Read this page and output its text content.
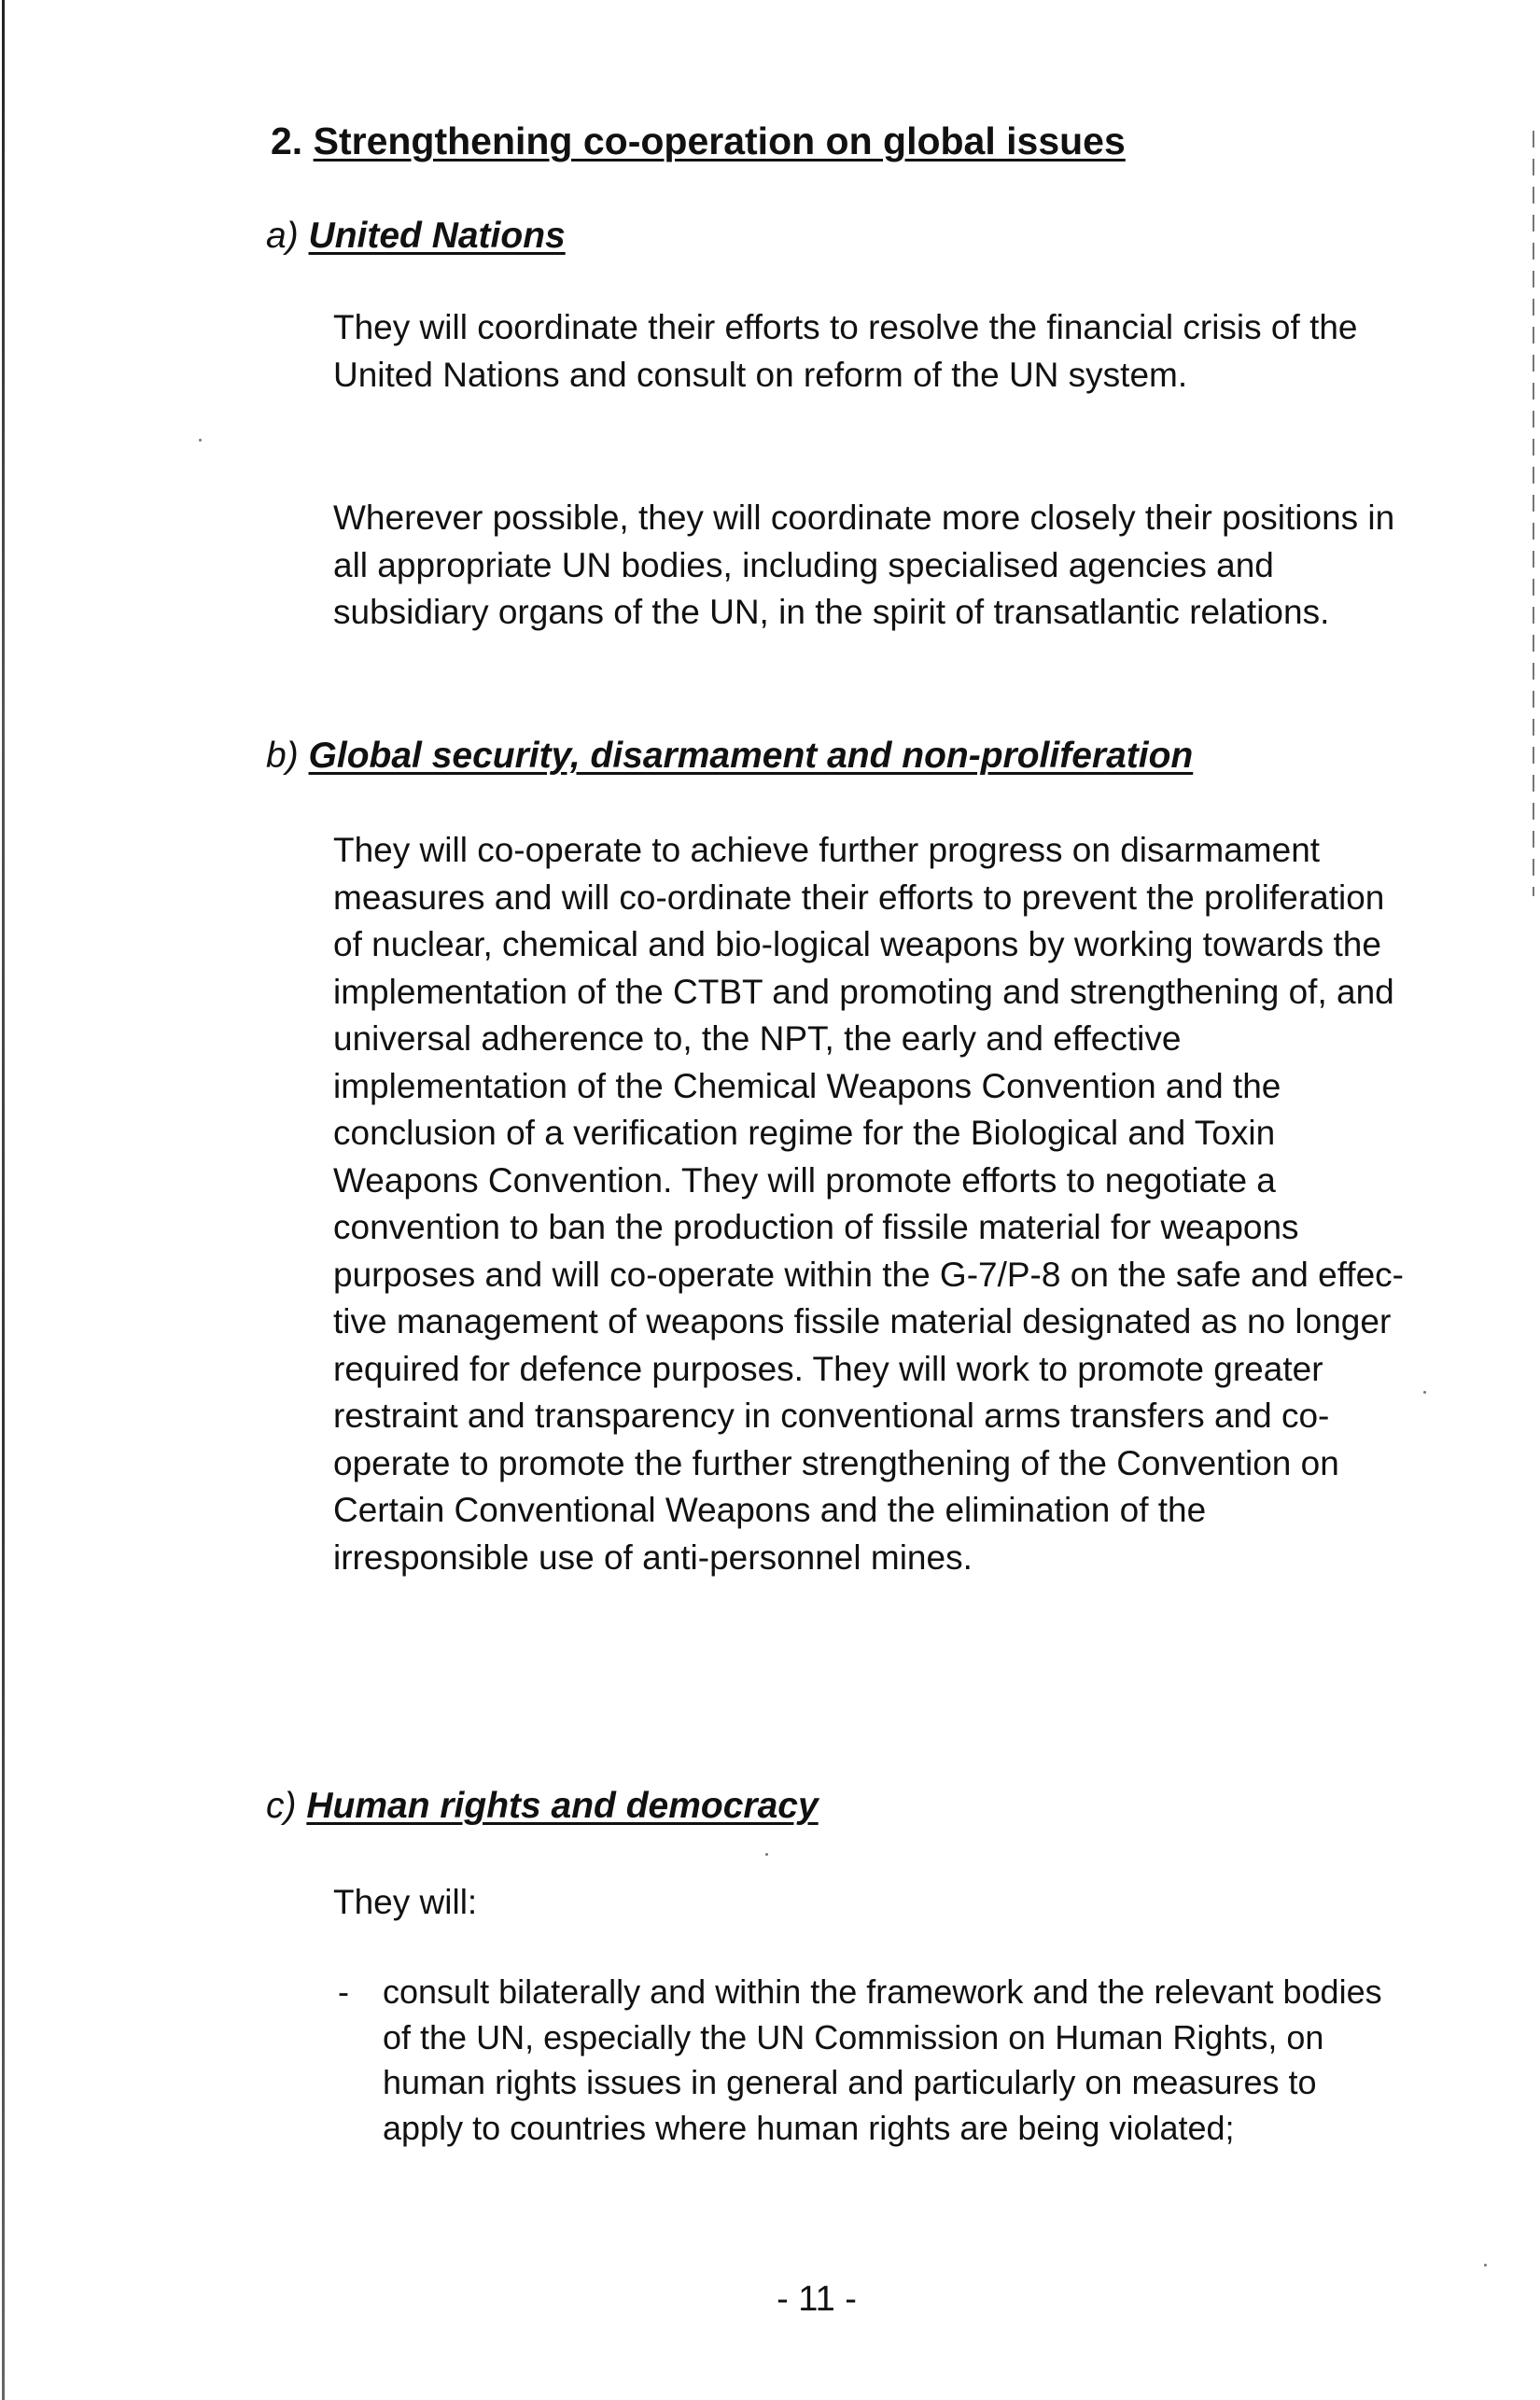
2. Strengthening co-operation on global issues
a) United Nations

They will coordinate their efforts to resolve the financial crisis of the United Nations and consult on reform of the UN system.

Wherever possible, they will coordinate more closely their positions in all appropriate UN bodies, including specialised agencies and subsidiary organs of the UN, in the spirit of transatlantic relations.

b) Global security, disarmament and non-proliferation

They will co-operate to achieve further progress on disarmament measures and will co-ordinate their efforts to prevent the proliferation of nuclear, chemical and bio-logical weapons by working towards the implementation of the CTBT and promoting and strengthening of, and universal adherence to, the NPT, the early and effective implementation of the Chemical Weapons Convention and the conclusion of a verification regime for the Biological and Toxin Weapons Convention. They will promote efforts to negotiate a convention to ban the production of fissile material for weapons purposes and will co-operate within the G-7/P-8 on the safe and effec-tive management of weapons fissile material designated as no longer required for defence purposes. They will work to promote greater restraint and transparency in conventional arms transfers and co-operate to promote the further strengthening of the Convention on Certain Conventional Weapons and the elimination of the irresponsible use of anti-personnel mines.

c) Human rights and democracy

They will:

- consult bilaterally and within the framework and the relevant bodies of the UN, especially the UN Commission on Human Rights, on human rights issues in general and particularly on measures to apply to countries where human rights are being violated;
- 11 -
